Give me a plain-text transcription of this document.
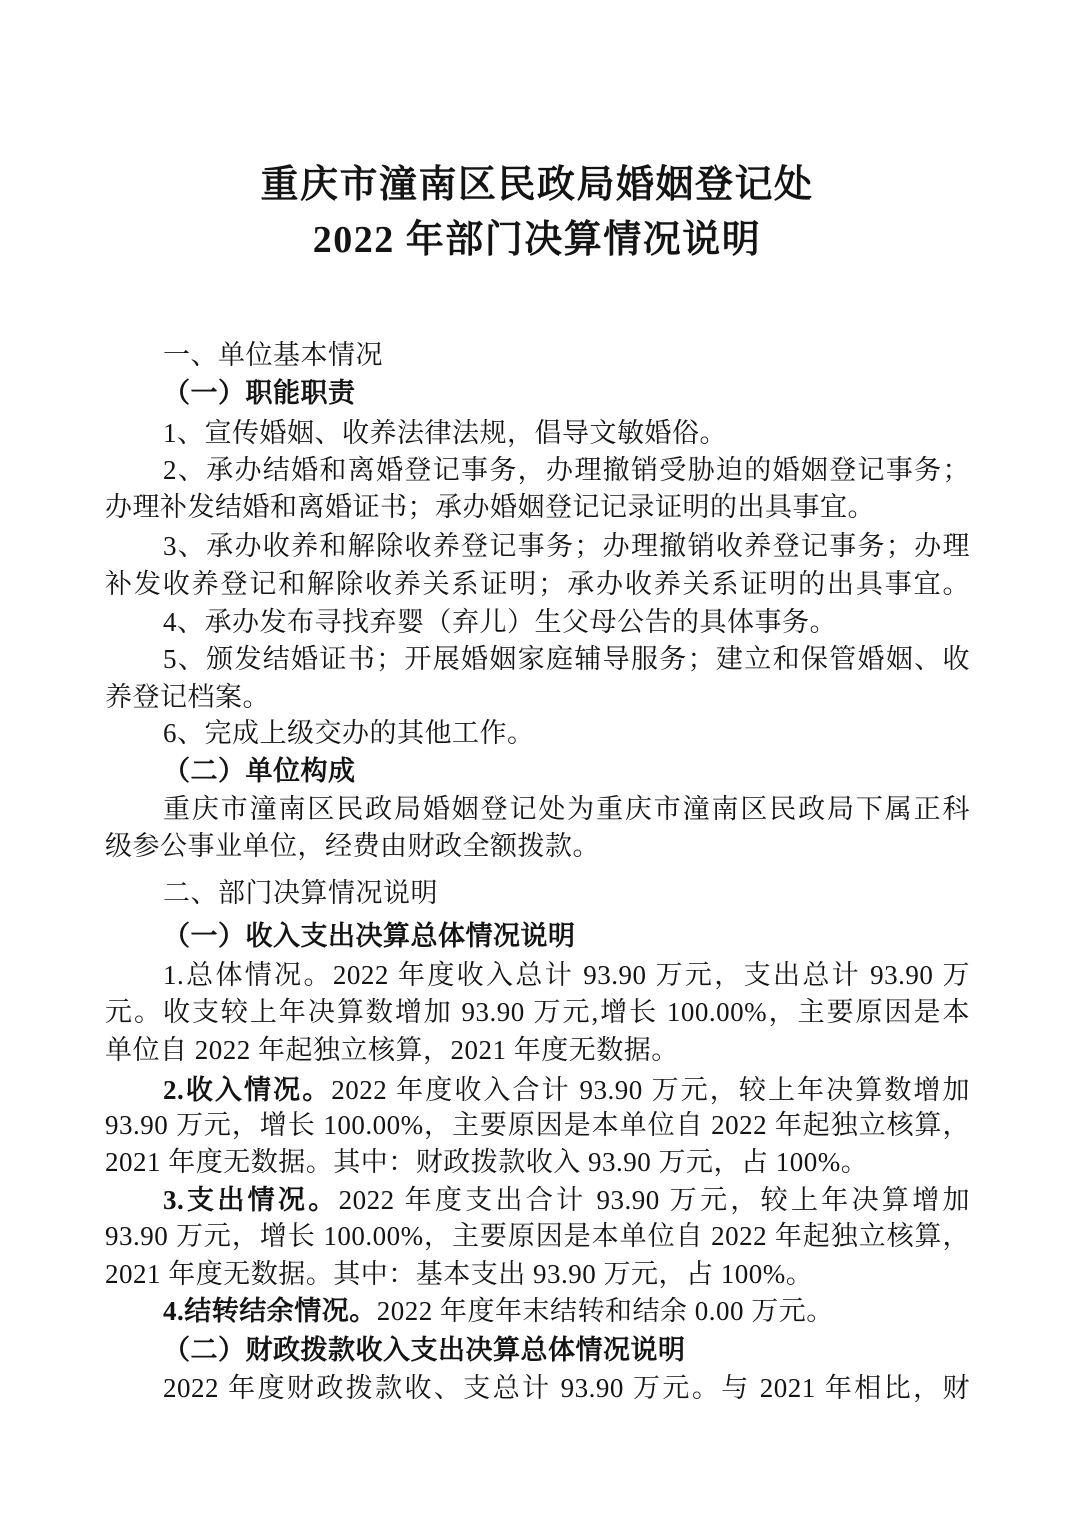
重庆市潼南区民政局婚姻登记处
2022 年部门决算情况说明
一、单位基本情况
（一）职能职责
1、宣传婚姻、收养法律法规，倡导文敏婚俗。
2、承办结婚和离婚登记事务，办理撤销受胁迫的婚姻登记事务；
办理补发结婚和离婚证书；承办婚姻登记记录证明的出具事宜。
3、承办收养和解除收养登记事务；办理撤销收养登记事务；办理
补发收养登记和解除收养关系证明；承办收养关系证明的出具事宜。
4、承办发布寻找弃婴（弃儿）生父母公告的具体事务。
5、颁发结婚证书；开展婚姻家庭辅导服务；建立和保管婚姻、收
养登记档案。
6、完成上级交办的其他工作。
（二）单位构成
重庆市潼南区民政局婚姻登记处为重庆市潼南区民政局下属正科
级参公事业单位，经费由财政全额拨款。
二、部门决算情况说明
（一）收入支出决算总体情况说明
1.总体情况。2022 年度收入总计 93.90 万元，支出总计 93.90 万
元。收支较上年决算数增加 93.90 万元,增长 100.00%，主要原因是本
单位自 2022 年起独立核算，2021 年度无数据。
2.收入情况。2022 年度收入合计 93.90 万元，较上年决算数增加
93.90 万元，增长 100.00%，主要原因是本单位自 2022 年起独立核算，
2021 年度无数据。其中：财政拨款收入 93.90 万元，占 100%。
3.支出情况。2022 年度支出合计 93.90 万元，较上年决算增加
93.90 万元，增长 100.00%，主要原因是本单位自 2022 年起独立核算，
2021 年度无数据。其中：基本支出 93.90 万元，占 100%。
4.结转结余情况。2022 年度年末结转和结余 0.00 万元。
（二）财政拨款收入支出决算总体情况说明
2022 年度财政拨款收、支总计 93.90 万元。与 2021 年相比，财
